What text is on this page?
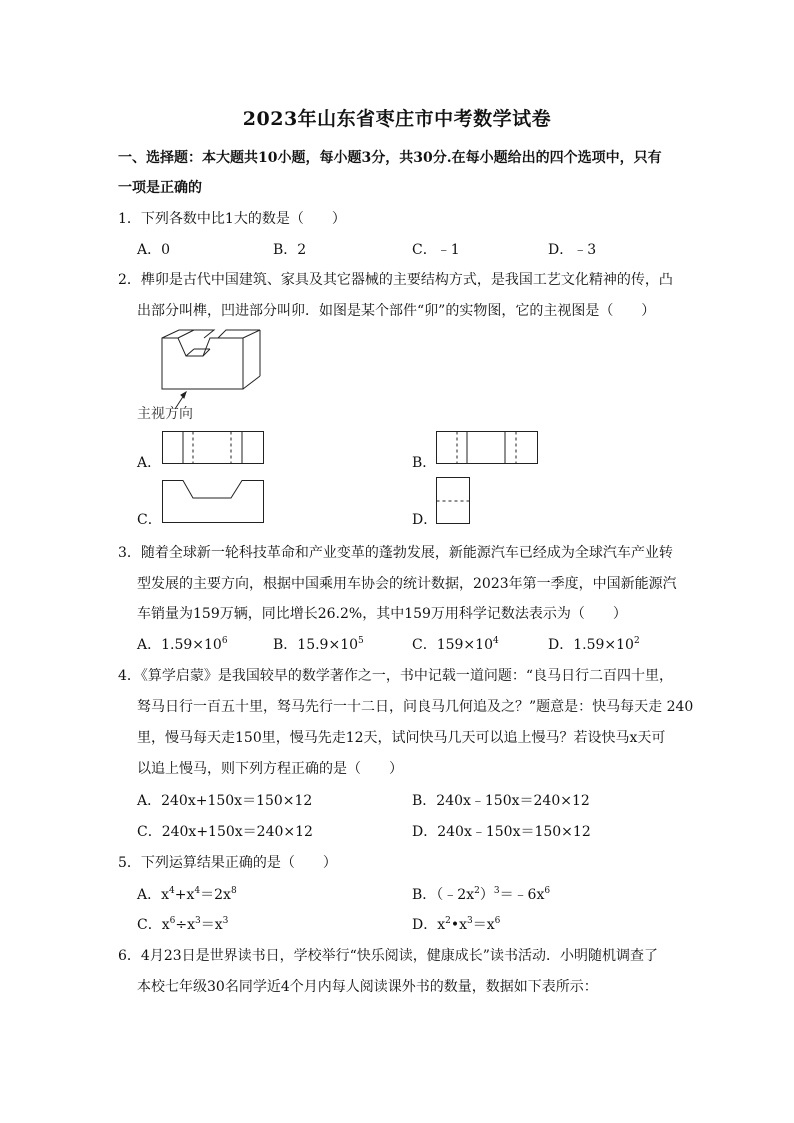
2023年山东省枣庄市中考数学试卷
一、选择题：本大题共10小题，每小题3分，共30分.在每小题给出的四个选项中，只有
一项是正确的
1．下列各数中比1大的数是（　　）
A．0	B．2	C．﹣1	D．﹣3
2．榫卯是古代中国建筑、家具及其它器械的主要结构方式，是我国工艺文化精神的传，凸
出部分叫榫，凹进部分叫卯．如图是某个部件“卯”的实物图，它的主视图是（　　）
主视方向
A．	B．
C．	D．
3．随着全球新一轮科技革命和产业变革的蓬勃发展，新能源汽车已经成为全球汽车产业转
型发展的主要方向，根据中国乘用车协会的统计数据，2023年第一季度，中国新能源汽
车销量为159万辆，同比增长26.2%，其中159万用科学记数法表示为（　　）
A．$1.59\times 10^6$	B．$15.9\times 10^5$	C．$159\times 10^4$	D．$1.59\times 10^2$
4．《算学启蒙》是我国较早的数学著作之一，书中记载一道问题：“良马日行二百四十里，
驽马日行一百五十里，驽马先行一十二日，问良马几何追及之？”题意是：快马每天走 240
里，慢马每天走150里，慢马先走12天，试问快马几天可以追上慢马？若设快马x天可
以追上慢马，则下列方程正确的是（　　）
A．240x+150x＝150×12	B．240x﹣150x＝240×12
C．240x+150x＝240×12	D．240x﹣150x＝150×12
5．下列运算结果正确的是（　　）
A．$x^4+x^4=2x^8$	B．$(﹣2x^2)^3=﹣6x^6$
C．$x^6\div x^3=x^3$	D．$x^2•x^3=x^6$
6．4月23日是世界读书日，学校举行“快乐阅读，健康成长”读书活动．小明随机调查了
本校七年级30名同学近4个月内每人阅读课外书的数量，数据如下表所示：
